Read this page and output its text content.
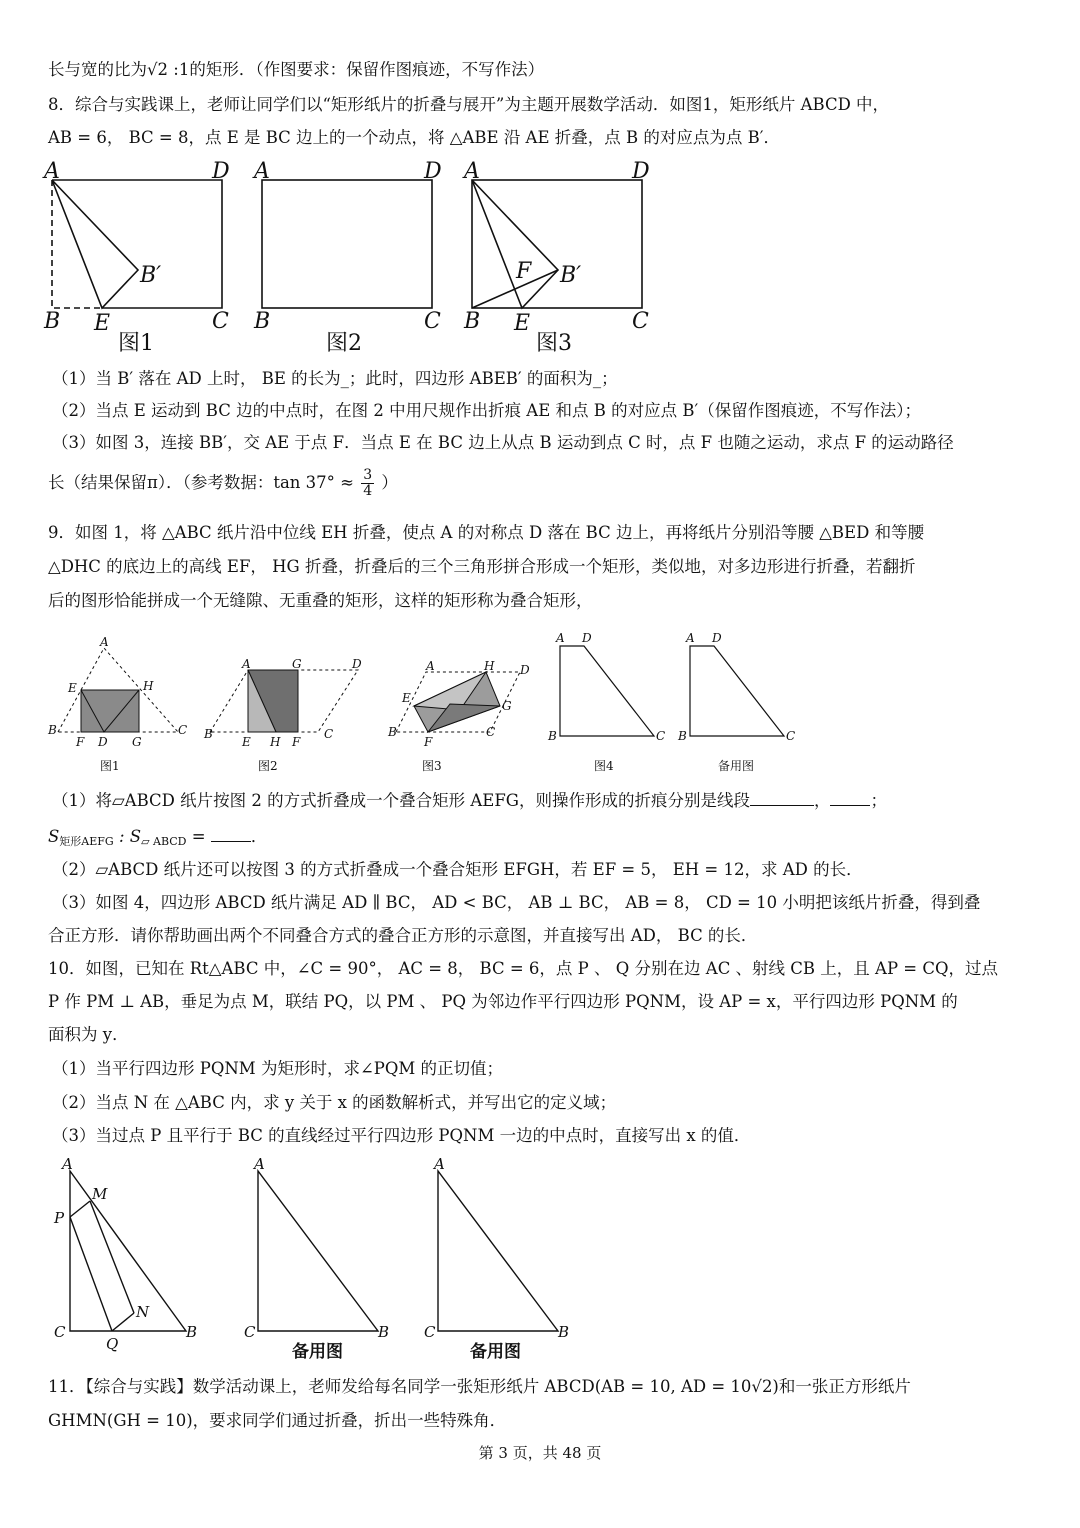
长与宽的比为√2 :1的矩形．（作图要求：保留作图痕迹，不写作法）
8．综合与实践课上，老师让同学们以“矩形纸片的折叠与展开”为主题开展数学活动．如图1，矩形纸片 ABCD 中，
AB = 6， BC = 8，点 E 是 BC 边上的一个动点，将 △ABE 沿 AE 折叠，点 B 的对应点为点 B′．
A	D
B E	C
B′
A	D
B	C
A	D
B E	C
B′
F
图1	图2	图3
（1）当 B′ 落在 AD 上时， BE 的长为_；此时，四边形 ABEB′ 的面积为_；
（2）当点 E 运动到 BC 边的中点时，在图 2 中用尺规作出折痕 AE 和点 B 的对应点 B′（保留作图痕迹，不写作法）；
（3）如图 3，连接 BB′，交 AE 于点 F．当点 E 在 BC 边上从点 B 运动到点 C 时，点 F 也随之运动，求点 F 的运动路径
长（结果保留π）．（参考数据：$\tan 37^\circ \approx \frac{3}{4}$ ）
9．如图 1，将 △ABC 纸片沿中位线 EH 折叠，使点 A 的对称点 D 落在 BC 边上，再将纸片分别沿等腰 △BED 和等腰
△DHC 的底边上的高线 EF， HG 折叠，折叠后的三个三角形拼合形成一个矩形，类似地，对多边形进行折叠，若翻折
后的图形恰能拼成一个无缝隙、无重叠的矩形，这样的矩形称为叠合矩形，
A
E	H
B
F D G
C
A	G	D
B
E H F
C
A	H D
E
G
B
F
C
A D
B	C
A D
B	C
图1	图2	图3	图4	备用图
（1）将▱ABCD 纸片按图 2 的方式折叠成一个叠合矩形 AEFG，则操作形成的折痕分别是线段	， ；
$S_{矩形AEFG}$ : $S_{▱ ABCD}$ = ．
（2）▱ABCD 纸片还可以按图 3 的方式折叠成一个叠合矩形 EFGH，若 EF = 5， EH = 12，求 AD 的长．
（3）如图 4，四边形 ABCD 纸片满足 AD ∥ BC， AD < BC， AB ⊥ BC， AB = 8， CD = 10 小明把该纸片折叠，得到叠
合正方形．请你帮助画出两个不同叠合方式的叠合正方形的示意图，并直接写出 AD， BC 的长．
10．如图，已知在 Rt△ABC 中，∠C = 90°， AC = 8， BC = 6，点 P 、 Q 分别在边 AC 、射线 CB 上，且 AP = CQ，过点
P 作 PM ⊥ AB，垂足为点 M，联结 PQ，以 PM 、 PQ 为邻边作平行四边形 PQNM，设 AP = x，平行四边形 PQNM 的
面积为 y．
（1）当平行四边形 PQNM 为矩形时，求∠PQM 的正切值；
（2）当点 N 在 △ABC 内，求 y 关于 x 的函数解析式，并写出它的定义域；
（3）当过点 P 且平行于 BC 的直线经过平行四边形 PQNM 一边的中点时，直接写出 x 的值．
A
M
P
N
C
Q
B
A
C	B
A
C	B
备用图	备用图
11．【综合与实践】数学活动课上，老师发给每名同学一张矩形纸片 ABCD(AB = 10, AD = 10√2)和一张正方形纸片
GHMN(GH = 10)，要求同学们通过折叠，折出一些特殊角．
第 3 页，共 48 页
